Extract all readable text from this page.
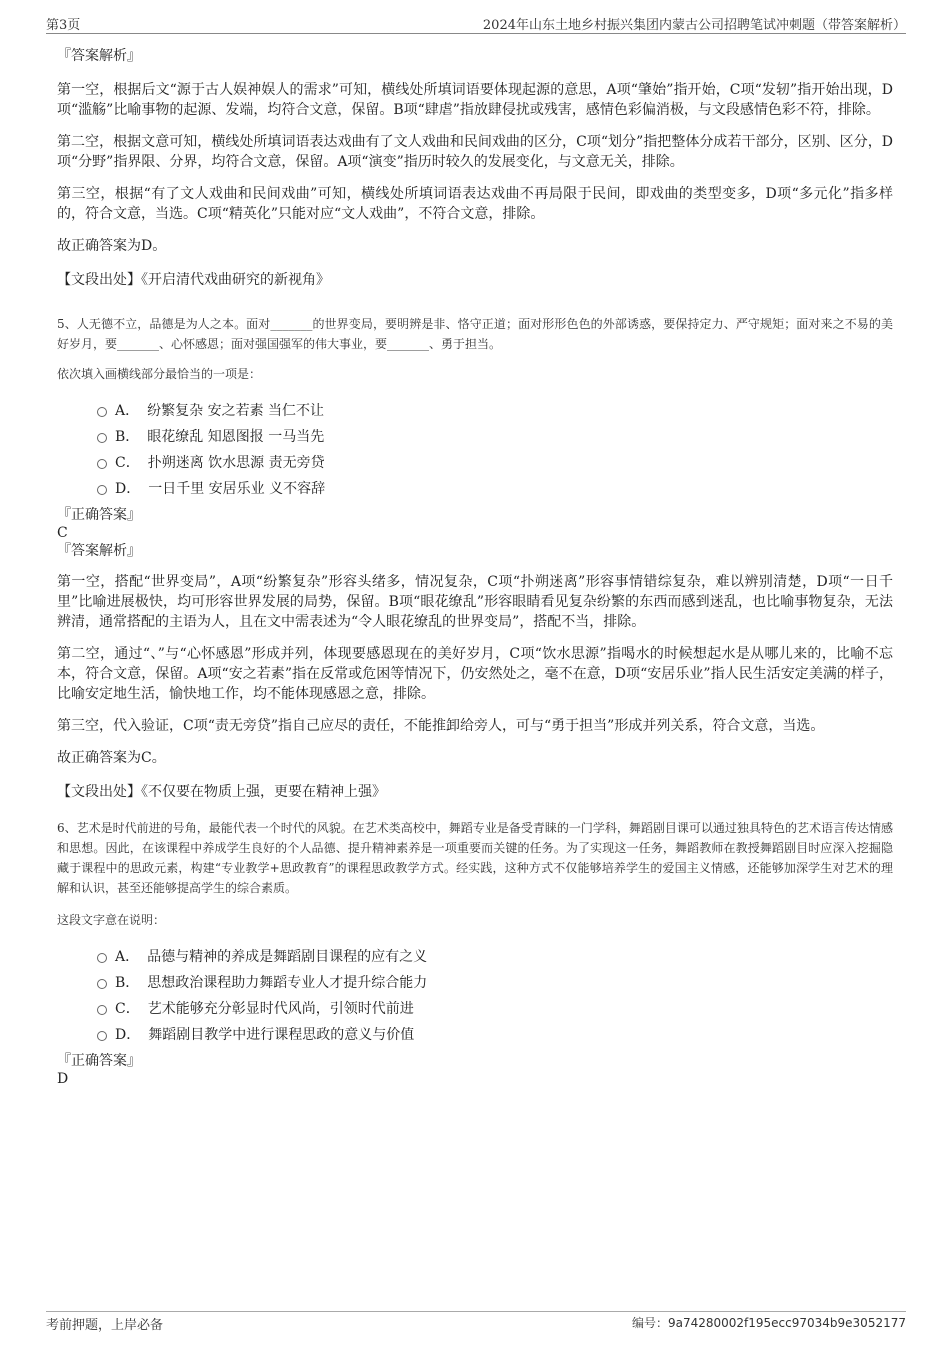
第3页	2024年山东土地乡村振兴集团内蒙古公司招聘笔试冲刺题（带答案解析）

『答案解析』

第一空，根据后文“源于古人娱神娱人的需求”可知，横线处所填词语要体现起源的意思，A项“肇始”指开始，C项“发轫”指开始出现，D项“滥觞”比喻事物的起源、发端，均符合文意，保留。B项“肆虐”指放肆侵扰或残害，感情色彩偏消极，与文段感情色彩不符，排除。

第二空，根据文意可知，横线处所填词语表达戏曲有了文人戏曲和民间戏曲的区分，C项“划分”指把整体分成若干部分，区别、区分，D项“分野”指界限、分界，均符合文意，保留。A项“演变”指历时较久的发展变化，与文意无关，排除。

第三空，根据“有了文人戏曲和民间戏曲”可知，横线处所填词语表达戏曲不再局限于民间，即戏曲的类型变多，D项“多元化”指多样的，符合文意，当选。C项“精英化”只能对应“文人戏曲”，不符合文意，排除。

故正确答案为D。

【文段出处】《开启清代戏曲研究的新视角》

5、人无德不立，品德是为人之本。面对_______的世界变局，要明辨是非、恪守正道；面对形形色色的外部诱惑，要保持定力、严守规矩；面对来之不易的美好岁月，要_______、心怀感恩；面对强国强军的伟大事业，要_______、勇于担当。

依次填入画横线部分最恰当的一项是：

A． 纷繁复杂 安之若素 当仁不让
B． 眼花缭乱 知恩图报 一马当先
C． 扑朔迷离 饮水思源 责无旁贷
D． 一日千里 安居乐业 义不容辞

『正确答案』

C

『答案解析』

第一空，搭配“世界变局”，A项“纷繁复杂”形容头绪多，情况复杂，C项“扑朔迷离”形容事情错综复杂，难以辨别清楚，D项“一日千里”比喻进展极快，均可形容世界发展的局势，保留。B项“眼花缭乱”形容眼睛看见复杂纷繁的东西而感到迷乱，也比喻事物复杂，无法辨清，通常搭配的主语为人，且在文中需表述为“令人眼花缭乱的世界变局”，搭配不当，排除。

第二空，通过“、”与“心怀感恩”形成并列，体现要感恩现在的美好岁月，C项“饮水思源”指喝水的时候想起水是从哪儿来的，比喻不忘本，符合文意，保留。A项“安之若素”指在反常或危困等情况下，仍安然处之，毫不在意，D项“安居乐业”指人民生活安定美满的样子，比喻安定地生活，愉快地工作，均不能体现感恩之意，排除。

第三空，代入验证，C项“责无旁贷”指自己应尽的责任，不能推卸给旁人，可与“勇于担当”形成并列关系，符合文意，当选。

故正确答案为C。

【文段出处】《不仅要在物质上强，更要在精神上强》

6、艺术是时代前进的号角，最能代表一个时代的风貌。在艺术类高校中，舞蹈专业是备受青睐的一门学科，舞蹈剧目课可以通过独具特色的艺术语言传达情感和思想。因此，在该课程中养成学生良好的个人品德、提升精神素养是一项重要而关键的任务。为了实现这一任务，舞蹈教师在教授舞蹈剧目时应深入挖掘隐藏于课程中的思政元素，构建“专业教学+思政教育”的课程思政教学方式。经实践，这种方式不仅能够培养学生的爱国主义情感，还能够加深学生对艺术的理解和认识，甚至还能够提高学生的综合素质。

这段文字意在说明：

A． 品德与精神的养成是舞蹈剧目课程的应有之义
B． 思想政治课程助力舞蹈专业人才提升综合能力
C． 艺术能够充分彰显时代风尚，引领时代前进
D． 舞蹈剧目教学中进行课程思政的意义与价值

『正确答案』

D

考前押题，上岸必备	编号：9a74280002f195ecc97034b9e3052177
